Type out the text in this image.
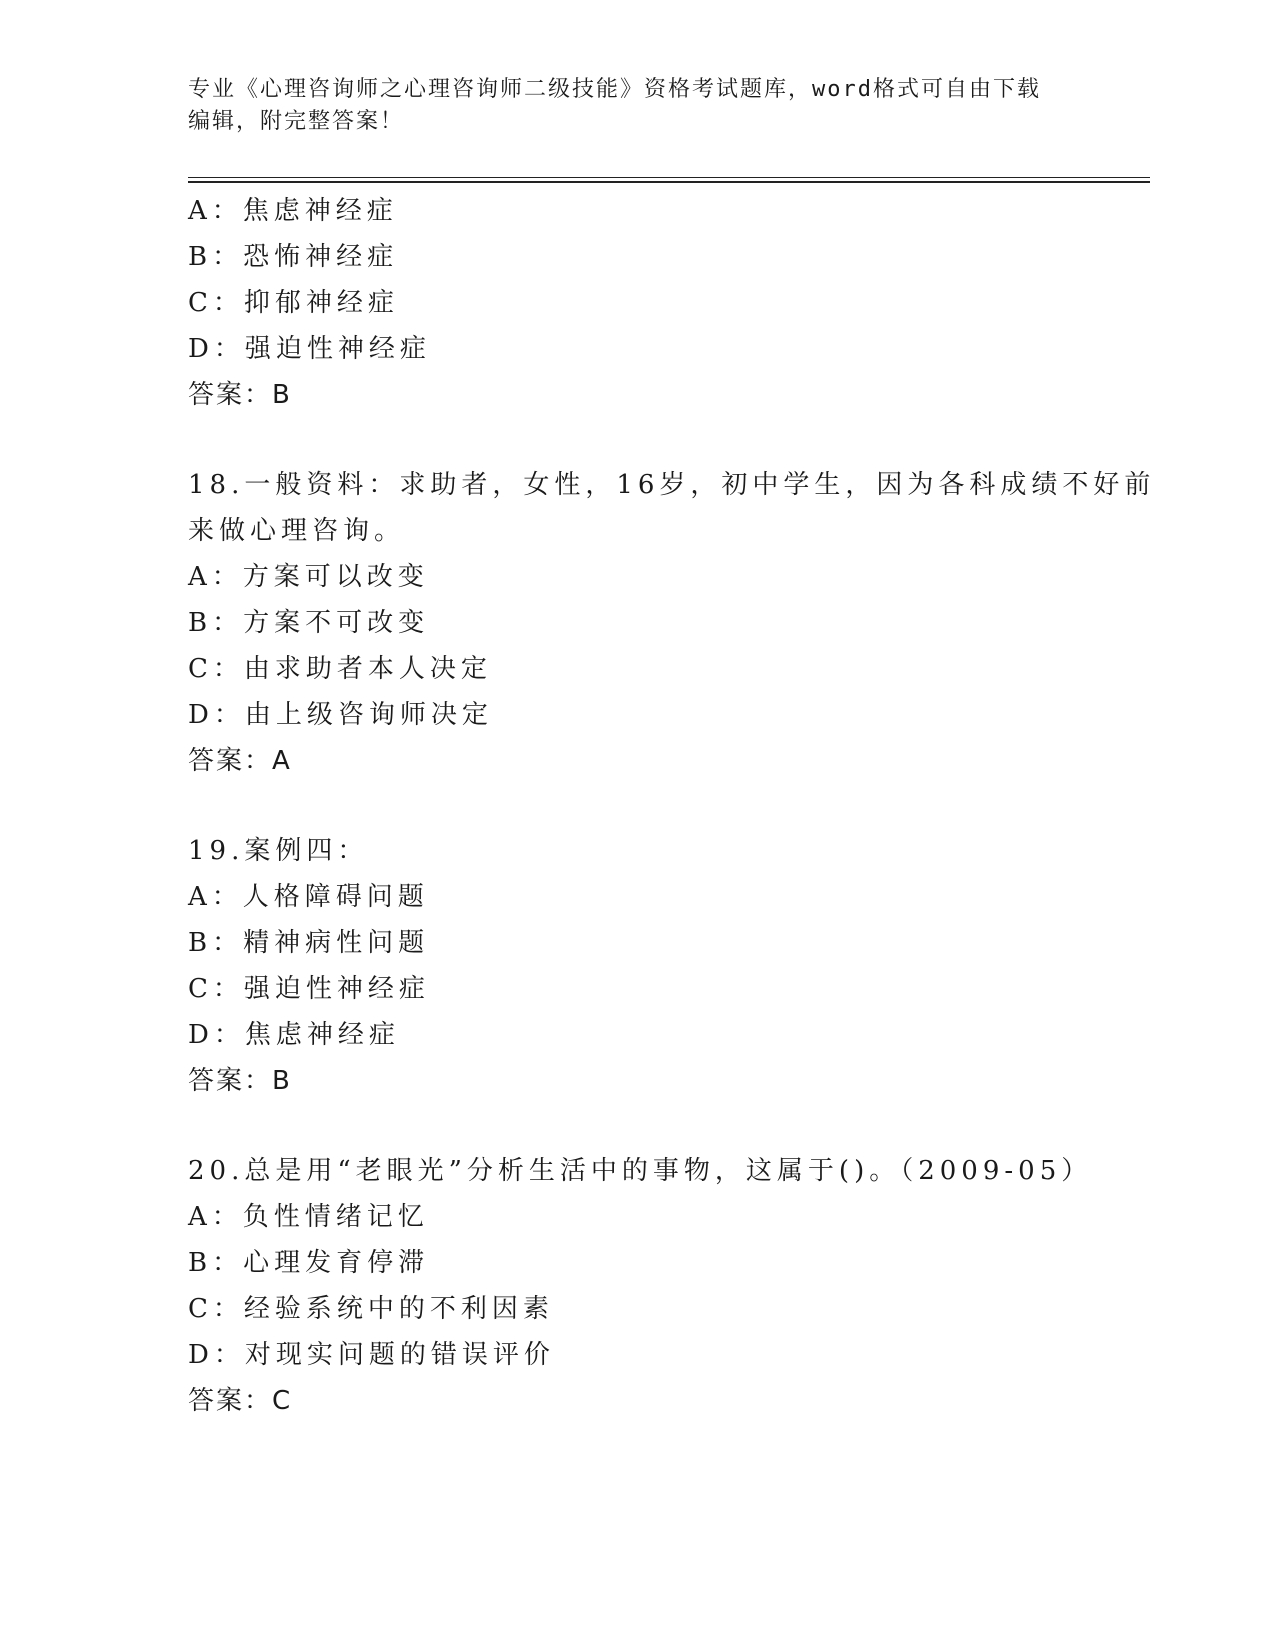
专业《心理咨询师之心理咨询师二级技能》资格考试题库，word格式可自由下载
编辑，附完整答案！
A：焦虑神经症
B：恐怖神经症
C：抑郁神经症
D：强迫性神经症
答案：B
18.一般资料：求助者，女性，16岁，初中学生，因为各科成绩不好前
来做心理咨询。
A：方案可以改变
B：方案不可改变
C：由求助者本人决定
D：由上级咨询师决定
答案：A
19.案例四：
A：人格障碍问题
B：精神病性问题
C：强迫性神经症
D：焦虑神经症
答案：B
20.总是用“老眼光”分析生活中的事物，这属于()。（2009-05）
A：负性情绪记忆
B：心理发育停滞
C：经验系统中的不利因素
D：对现实问题的错误评价
答案：C
